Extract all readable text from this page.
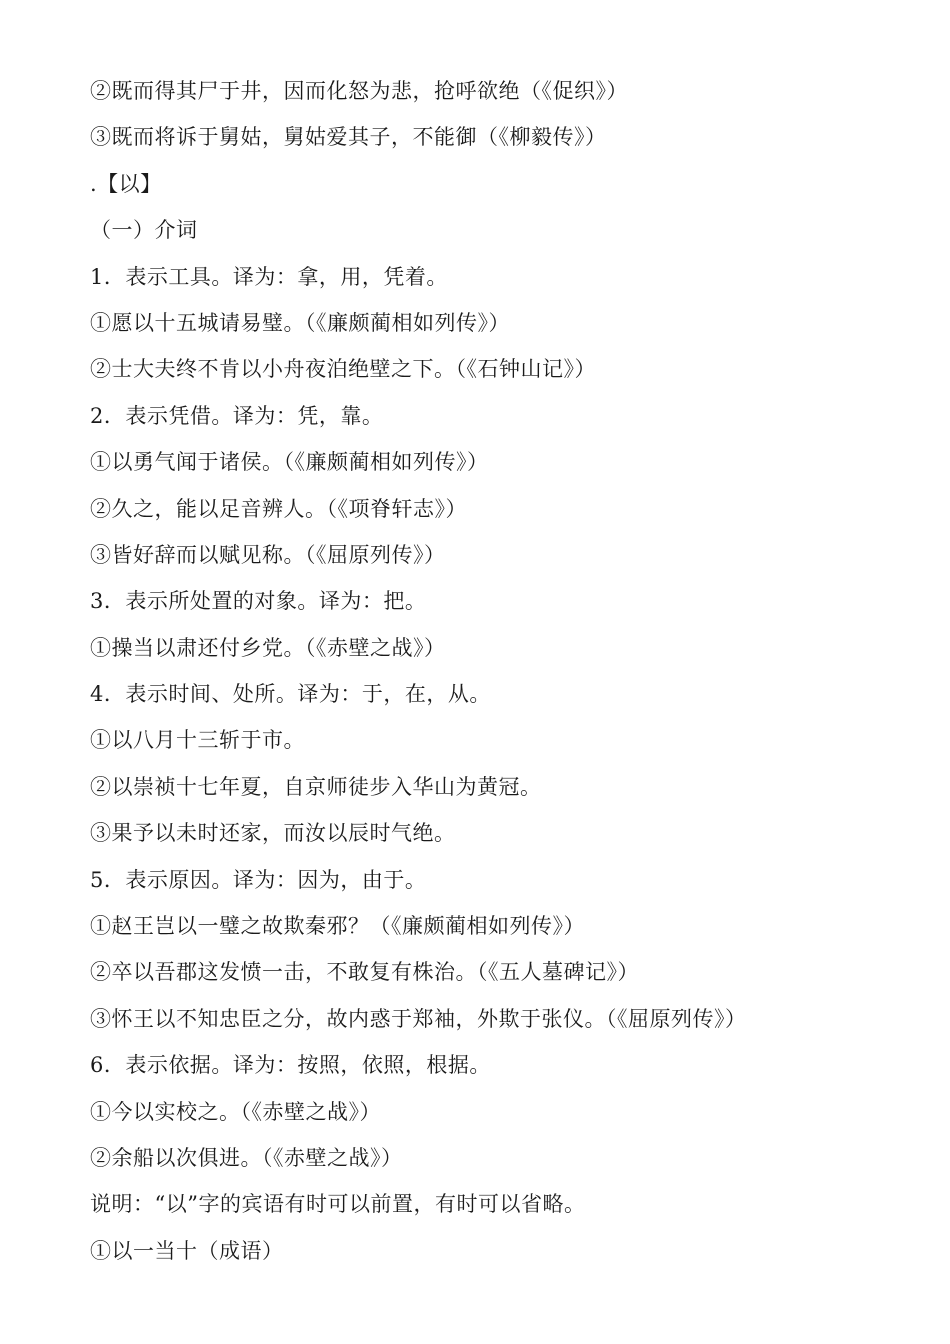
②既而得其尸于井，因而化怒为悲，抢呼欲绝（《促织》）
③既而将诉于舅姑，舅姑爱其子，不能御（《柳毅传》）
.【以】
（一）介词
1．表示工具。译为：拿，用，凭着。
①愿以十五城请易璧。（《廉颇蔺相如列传》）
②士大夫终不肯以小舟夜泊绝壁之下。（《石钟山记》）
2．表示凭借。译为：凭，靠。
①以勇气闻于诸侯。（《廉颇蔺相如列传》）
②久之，能以足音辨人。（《项脊轩志》）
③皆好辞而以赋见称。（《屈原列传》）
3．表示所处置的对象。译为：把。
①操当以肃还付乡党。（《赤壁之战》）
4．表示时间、处所。译为：于，在，从。
①以八月十三斩于市。
②以崇祯十七年夏，自京师徒步入华山为黄冠。
③果予以未时还家，而汝以辰时气绝。
5．表示原因。译为：因为，由于。
①赵王岂以一璧之故欺秦邪？（《廉颇蔺相如列传》）
②卒以吾郡这发愤一击，不敢复有株治。（《五人墓碑记》）
③怀王以不知忠臣之分，故内惑于郑袖，外欺于张仪。（《屈原列传》）
6．表示依据。译为：按照，依照，根据。
①今以实校之。（《赤壁之战》）
②余船以次俱进。（《赤壁之战》）
说明：“以”字的宾语有时可以前置，有时可以省略。
①以一当十（成语）
